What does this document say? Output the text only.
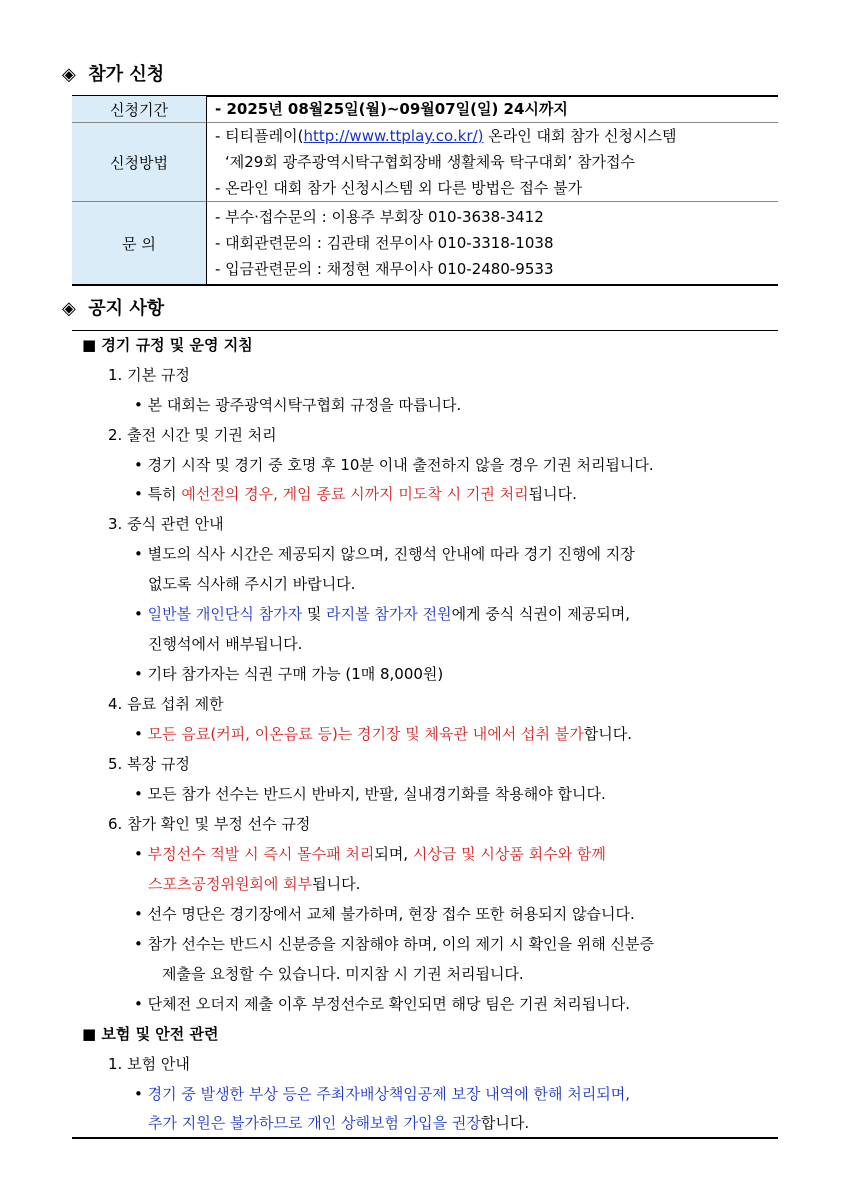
◈ 참가 신청
신청기간	- 2025년 08월25일(월)~09월07일(일) 24시까지

신청방법	- 티티플레이(http://www.ttplay.co.kr/) 온라인 대회 참가 신청시스템
‘제29회 광주광역시탁구협회장배 생활체육 탁구대회’ 참가접수
- 온라인 대회 참가 신청시스템 외 다른 방법은 접수 불가

문 의	- 부수·접수문의 : 이용주 부회장 010-3638-3412
- 대회관련문의 : 김관태 전무이사 010-3318-1038
- 입금관련문의 : 채정현 재무이사 010-2480-9533
◈ 공지 사항
■ 경기 규정 및 운영 지침
1. 기본 규정
• 본 대회는 광주광역시탁구협회 규정을 따릅니다.
2. 출전 시간 및 기권 처리
• 경기 시작 및 경기 중 호명 후 10분 이내 출전하지 않을 경우 기권 처리됩니다.
• 특히 예선전의 경우, 게임 종료 시까지 미도착 시 기권 처리됩니다.
3. 중식 관련 안내
• 별도의 식사 시간은 제공되지 않으며, 진행석 안내에 따라 경기 진행에 지장
없도록 식사해 주시기 바랍니다.
• 일반볼 개인단식 참가자 및 라지볼 참가자 전원에게 중식 식권이 제공되며,
진행석에서 배부됩니다.
• 기타 참가자는 식권 구매 가능 (1매 8,000원)
4. 음료 섭취 제한
• 모든 음료(커피, 이온음료 등)는 경기장 및 체육관 내에서 섭취 불가합니다.
5. 복장 규정
• 모든 참가 선수는 반드시 반바지, 반팔, 실내경기화를 착용해야 합니다.
6. 참가 확인 및 부정 선수 규정
• 부정선수 적발 시 즉시 몰수패 처리되며, 시상금 및 시상품 회수와 함께
스포츠공정위원회에 회부됩니다.
• 선수 명단은 경기장에서 교체 불가하며, 현장 접수 또한 허용되지 않습니다.
• 참가 선수는 반드시 신분증을 지참해야 하며, 이의 제기 시 확인을 위해 신분증
제출을 요청할 수 있습니다. 미지참 시 기권 처리됩니다.
• 단체전 오더지 제출 이후 부정선수로 확인되면 해당 팀은 기권 처리됩니다.
■ 보험 및 안전 관련
1. 보험 안내
• 경기 중 발생한 부상 등은 주최자배상책임공제 보장 내역에 한해 처리되며,
추가 지원은 불가하므로 개인 상해보험 가입을 권장합니다.
